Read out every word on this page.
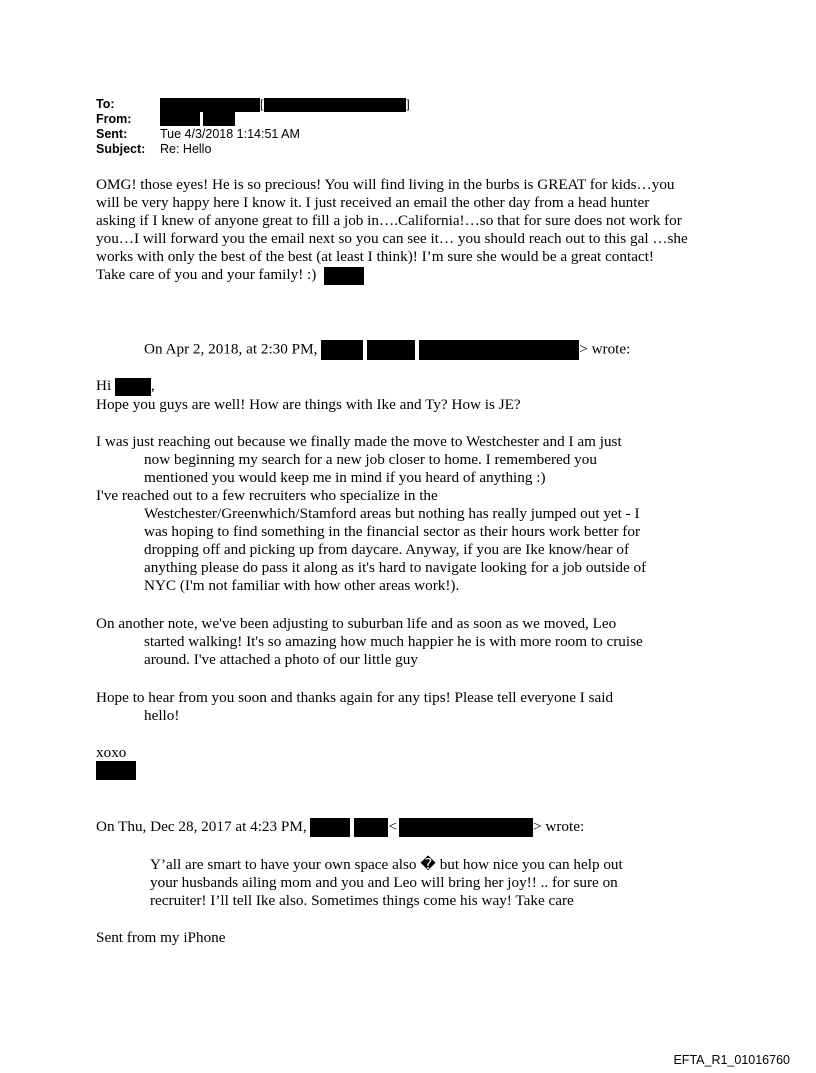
To:	[	]
From:
Sent:	Tue 4/3/2018 1:14:51 AM
Subject: Re: Hello
OMG! those eyes! He is so precious! You will find living in the burbs is GREAT for kids…you
will be very happy here I know it. I just received an email the other day from a head hunter
asking if I knew of anyone great to fill a job in….California!…so that for sure does not work for
you…I will forward you the email next so you can see it… you should reach out to this gal …she
works with only the best of the best (at least I think)! I’m sure she would be a great contact!
Take care of you and your family! :)
On Apr 2, 2018, at 2:30 PM,	> wrote:
Hi	,
Hope you guys are well! How are things with Ike and Ty? How is JE?
I was just reaching out because we finally made the move to Westchester and I am just
now beginning my search for a new job closer to home. I remembered you
mentioned you would keep me in mind if you heard of anything :)
I've reached out to a few recruiters who specialize in the
Westchester/Greenwhich/Stamford areas but nothing has really jumped out yet - I
was hoping to find something in the financial sector as their hours work better for
dropping off and picking up from daycare. Anyway, if you are Ike know/hear of
anything please do pass it along as it's hard to navigate looking for a job outside of
NYC (I'm not familiar with how other areas work!).
On another note, we've been adjusting to suburban life and as soon as we moved, Leo
started walking! It's so amazing how much happier he is with more room to cruise
around. I've attached a photo of our little guy
Hope to hear from you soon and thanks again for any tips! Please tell everyone I said
hello!
xoxo
On Thu, Dec 28, 2017 at 4:23 PM,	<	> wrote:
Y’all are smart to have your own space also � but how nice you can help out
your husbands ailing mom and you and Leo will bring her joy!! .. for sure on
recruiter! I’ll tell Ike also. Sometimes things come his way! Take care
Sent from my iPhone
EFTA_R1_01016760
